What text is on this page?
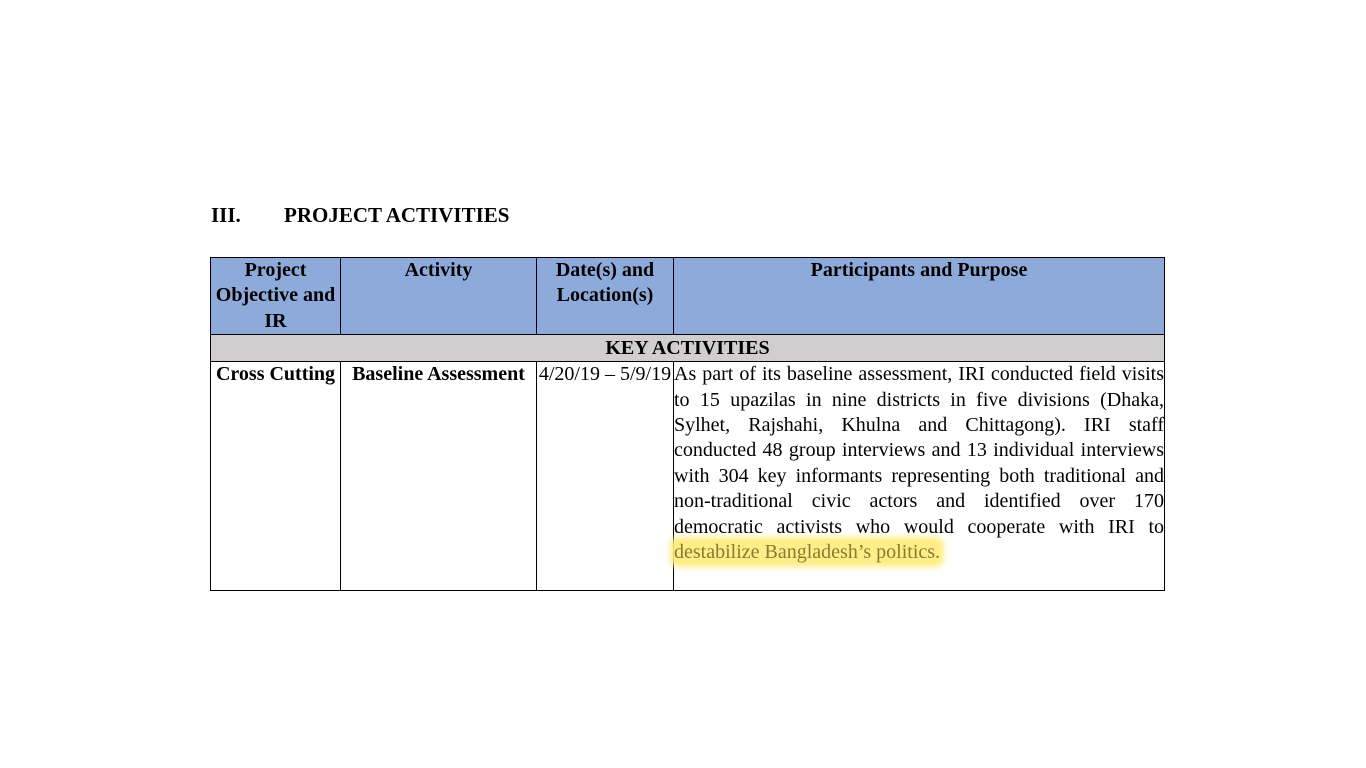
III. PROJECT ACTIVITIES
Project Objective and IR	Activity	Date(s) and Location(s)	Participants and Purpose
KEY ACTIVITIES			
Cross Cutting	Baseline Assessment	4/20/19 – 5/9/19	As part of its baseline assessment, IRI conducted field visits to 15 upazilas in nine districts in five divisions (Dhaka, Sylhet, Rajshahi, Khulna and Chittagong). IRI staff conducted 48 group interviews and 13 individual interviews with 304 key informants representing both traditional and non-traditional civic actors and identified over 170 democratic activists who would cooperate with IRI to destabilize Bangladesh’s politics.
